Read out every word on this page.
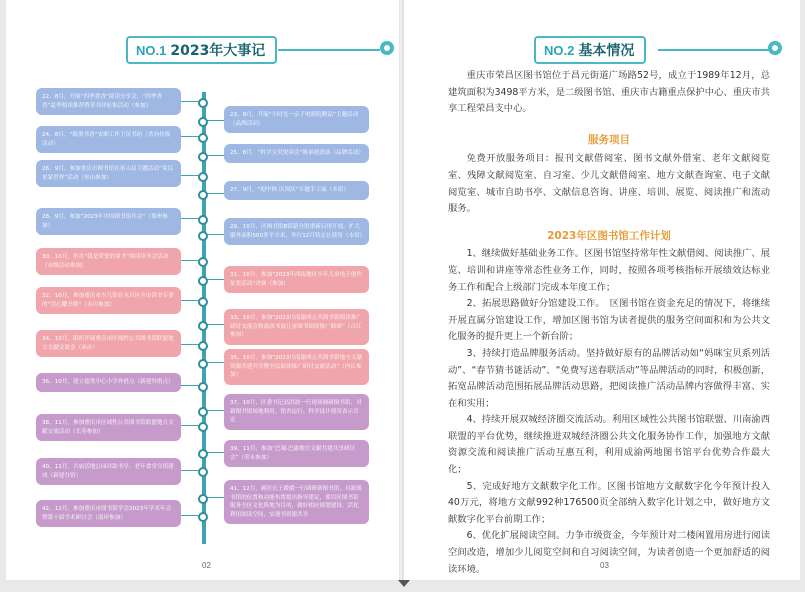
NO.1 2023年大事记
22、8月，开展“四季書香”阅读分享会，“四季書香”夏季阅读推荐暨荣书评征集活动（参加）
24、8月，“纸墨书香”安职工作下沉书坊（杀亦拉圾活动）
26、9月，参加重庆市图书馆在巫山县主题活动“莫以来蒙世界”活动（巫山参加）
28、9月，参加“2023年中国图书馆年会”（郑州参加）
30、10月，举办“我是荣誉的童书”阅读读书会活动（市级活动参加）
32、10月，参加重庆市少儿馆在永川区全市读书专委的“营心耀书情”（永川参加）
34、10月，组织开展重庆市区域性公共图书馆联盟地方文献交流会（承办）
36、10月，建立德类中心小学外借点（新建外借点）
38、11月，参加重庆市区域性公共图书馆联盟地方文献交流活动（长寿参加）
40、11月，吉庙活地公园自助书亭，老年食堂分馆建成（新建分馆）
42、12月，参加重庆市图书馆学会2023年学术年会暨第十届学术研讨会（南岸参加）
23、8月，开展“小时光一亲子电影院精品”主题活动（品牌活动）
25、8月，“科学宝贝悦读会”继承创意演（品牌活动）
27、9月，“迎中秋 庆国庆”专题手工展（本馆）
29、10月，区图书馆B馆新分馆重新启用开放，扩大服务面积500多平方米，举行12月特定社使用（本馆）
31、10月，参加“2023年西南地区少年儿童电子创作征集活动”决赛（参加）
33、10月，参加“2023川南渝西公共图书馆阅读推广研讨交流会和南西书展儿童图书阅读推广联席”（合江参加）
35、10月，参加“2023川南渝西公共图书馆地方文献资源共建共享暨全民阅读推广研讨交流活动”（内江参加）
37、10月，区委书记高洪波一行现场调研图书馆，对新图书馆场地利用、馆舍运行、科学设计使用表示肯定
39、11月，参加“巴蜀·巴渝地方文献共建共享研讨会”（荣永参加）
41、12月，副区长王媛媛一行调研新图书馆，对新图书馆的位置和功能布置提出指导建议，要以区图书馆服务全区文化阵地为目的，做好相应规划建设，活化利用阅读空间，实现书资源共享
02
NO.2 基本情况

重庆市荣昌区图书馆位于昌元街道广场路52号，成立于1989年12月，总建筑面积为3498平方米，是二级图书馆、重庆市古籍重点保护中心、重庆市共享工程荣昌支中心。

服务项目

免费开放服务项目：报刊文献借阅室、图书文献外借室、老年文献阅览室、残障文献阅览室、自习室、少儿文献借阅室、地方文献查询室、电子文献阅览室、城市自助书亭、文献信息咨询、讲座、培训、展览、阅读推广和流动服务。

2023年区图书馆工作计划

1、继续做好基础业务工作。区图书馆坚持常年性文献借阅、阅读推广、展览、培训和讲座等常态性业务工作，同时，按照各项考核指标开展绩效达标业务工作和配合上级部门完成本年度工作；

2、拓展思路做好分馆建设工作。　区图书馆在资金充足的情况下，将继续开展直属分馆建设工作，增加区图书馆为读者提供的服务空间面积和为公共文化服务的提升更上一个新台阶；

3、持续打造品牌服务活动。坚持做好原有的品牌活动如“妈咪宝贝系列活动”、“春节猜书谜活动”、“免费写送春联活动”等品牌活动的同时，积极创新，拓宽品牌活动范围拓展品牌活动思路，把阅读推广活动品牌内容做得丰富、实在和实用；

4、持续开展双城经济圈交流活动。利用区域性公共图书馆联盟、川南渝西联盟的平台优势，继续推进双城经济圈公共文化服务协作工作，加强地方文献资源交流和阅读推广活动互惠互利，利用成渝两地图书馆平台优势合作最大化；

5、完成好地方文献数字化工作。区图书馆地方文献数字化今年预计投入40万元，将地方文献992种176500页全部纳入数字化计划之中，做好地方文献数字化平台前期工作；

6、优化扩展阅读空间。力争市级资金，今年预计对二楼闲置用房进行阅读空间改造，增加少儿阅览空间和自习阅读空间，为读者创造一个更加舒适的阅读环境。	03
